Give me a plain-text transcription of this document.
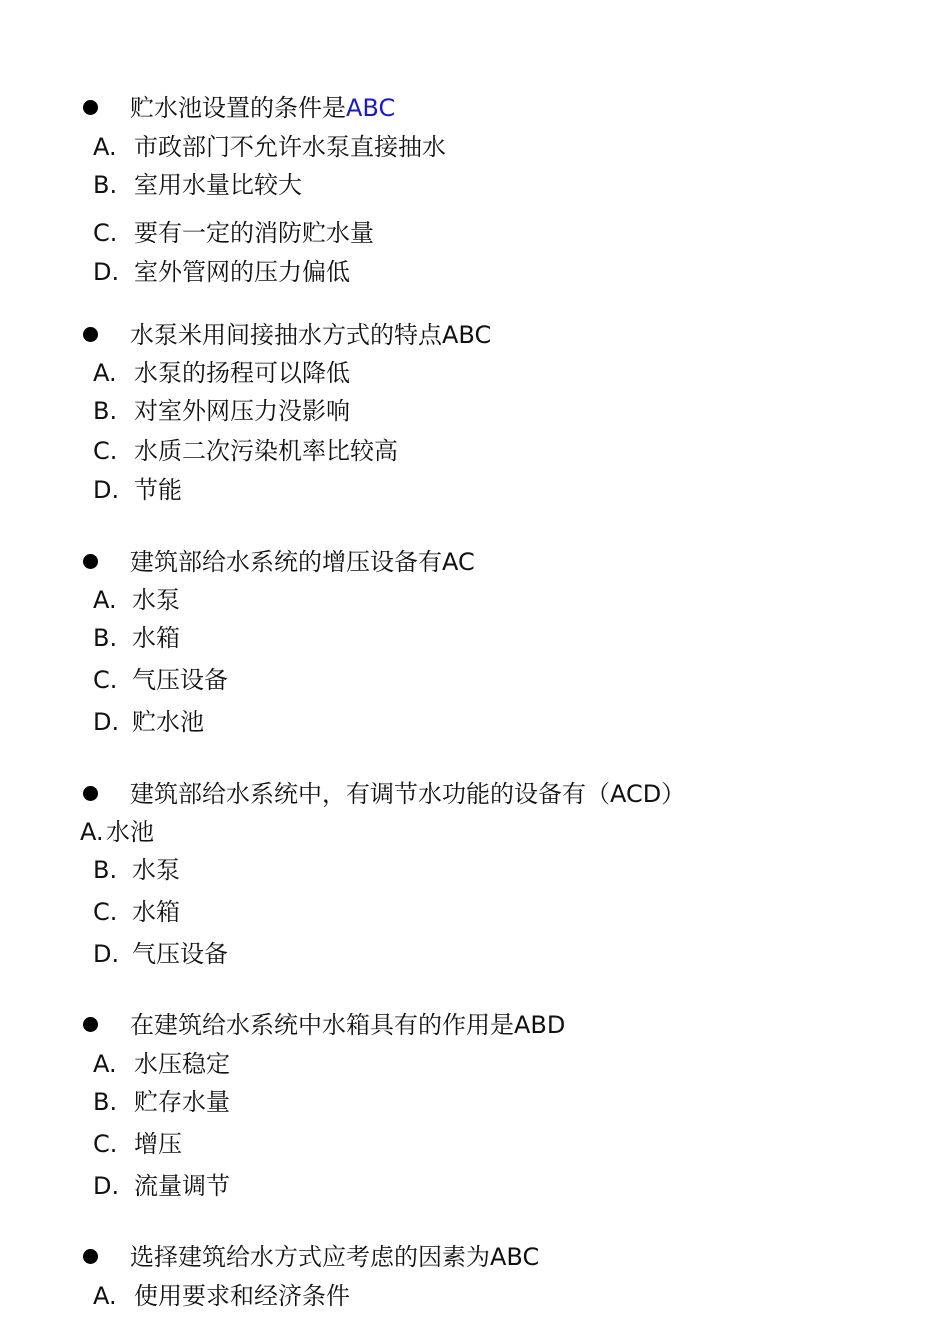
贮水池设置的条件是ABC
A. 市政部门不允许水泵直接抽水
B. 室用水量比较大
C. 要有一定的消防贮水量
D. 室外管网的压力偏低
水泵米用间接抽水方式的特点ABC
A. 水泵的扬程可以降低
B. 对室外网压力没影响
C. 水质二次污染机率比较高
D. 节能
建筑部给水系统的增压设备有AC
A. 水泵
B. 水箱
C. 气压设备
D. 贮水池
建筑部给水系统中，有调节水功能的设备有（ACD）
A. 水池
B. 水泵
C. 水箱
D. 气压设备
在建筑给水系统中水箱具有的作用是ABD
A. 水压稳定
B. 贮存水量
C. 增压
D. 流量调节
选择建筑给水方式应考虑的因素为ABC
A. 使用要求和经济条件
